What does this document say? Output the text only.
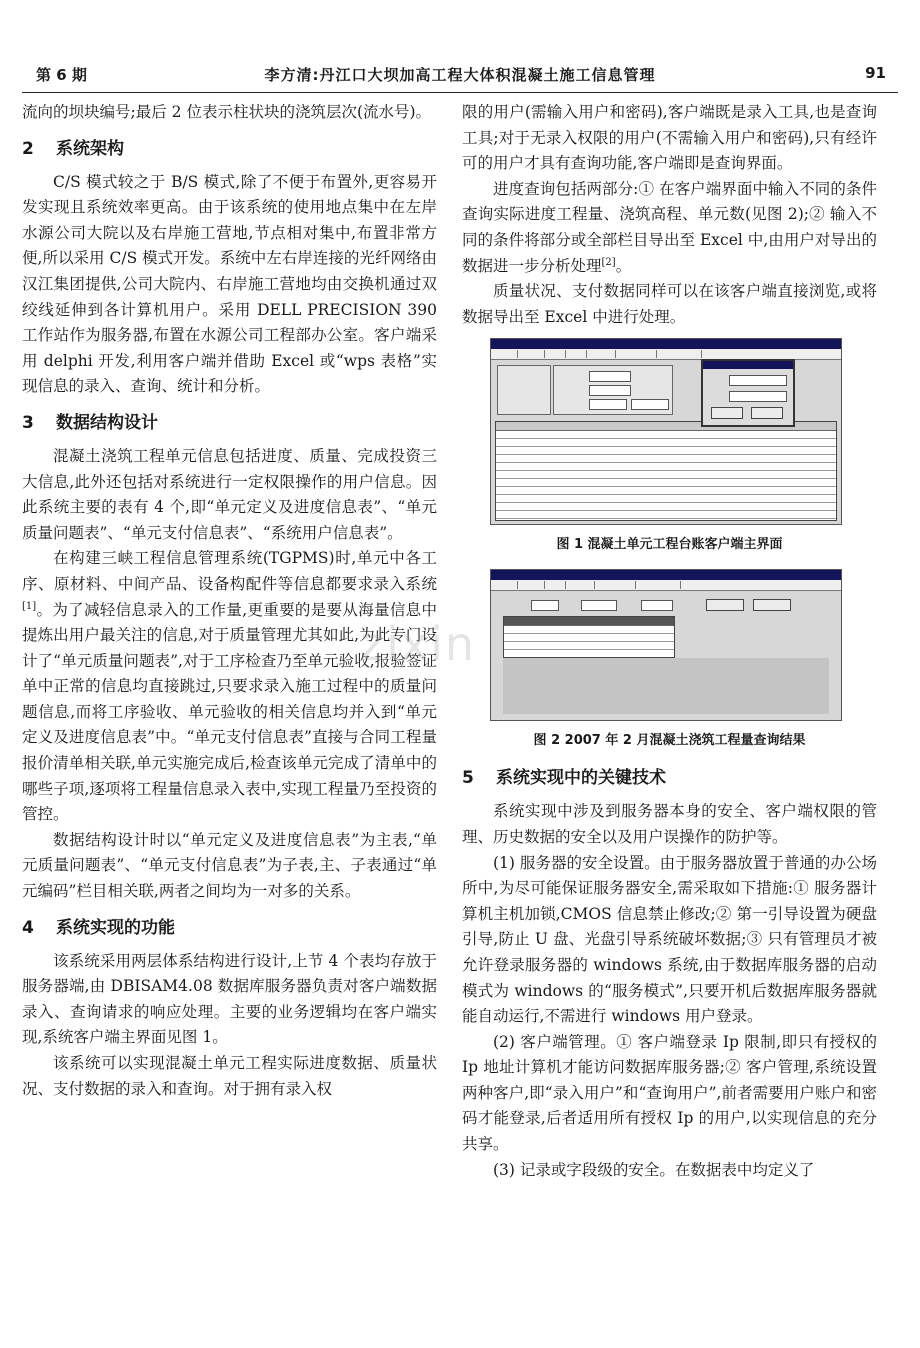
第 6 期	李方清:丹江口大坝加高工程大体积混凝土施工信息管理	91

流向的坝块编号;最后 2 位表示柱状块的浇筑层次(流水号)。

2 系统架构

C/S 模式较之于 B/S 模式,除了不便于布置外,更容易开发实现且系统效率更高。由于该系统的使用地点集中在左岸水源公司大院以及右岸施工营地,节点相对集中,布置非常方便,所以采用 C/S 模式开发。系统中左右岸连接的光纤网络由汉江集团提供,公司大院内、右岸施工营地均由交换机通过双绞线延伸到各计算机用户。采用 DELL PRECISION 390 工作站作为服务器,布置在水源公司工程部办公室。客户端采用 delphi 开发,利用客户端并借助 Excel 或“wps 表格”实现信息的录入、查询、统计和分析。

3 数据结构设计

混凝土浇筑工程单元信息包括进度、质量、完成投资三大信息,此外还包括对系统进行一定权限操作的用户信息。因此系统主要的表有 4 个,即“单元定义及进度信息表”、“单元质量问题表”、“单元支付信息表”、“系统用户信息表”。

在构建三峡工程信息管理系统(TGPMS)时,单元中各工序、原材料、中间产品、设备构配件等信息都要求录入系统[1]。为了减轻信息录入的工作量,更重要的是要从海量信息中提炼出用户最关注的信息,对于质量管理尤其如此,为此专门设计了“单元质量问题表”,对于工序检查乃至单元验收,报验签证单中正常的信息均直接跳过,只要求录入施工过程中的质量问题信息,而将工序验收、单元验收的相关信息均并入到“单元定义及进度信息表”中。“单元支付信息表”直接与合同工程量报价清单相关联,单元实施完成后,检查该单元完成了清单中的哪些子项,逐项将工程量信息录入表中,实现工程量乃至投资的管控。

数据结构设计时以“单元定义及进度信息表”为主表,“单元质量问题表”、“单元支付信息表”为子表,主、子表通过“单元编码”栏目相关联,两者之间均为一对多的关系。

4 系统实现的功能

该系统采用两层体系结构进行设计,上节 4 个表均存放于服务器端,由 DBISAM4.08 数据库服务器负责对客户端数据录入、查询请求的响应处理。主要的业务逻辑均在客户端实现,系统客户端主界面见图 1。

该系统可以实现混凝土单元工程实际进度数据、质量状况、支付数据的录入和查询。对于拥有录入权

限的用户(需输入用户和密码),客户端既是录入工具,也是查询工具;对于无录入权限的用户(不需输入用户和密码),只有经许可的用户才具有查询功能,客户端即是查询界面。

进度查询包括两部分:① 在客户端界面中输入不同的条件查询实际进度工程量、浇筑高程、单元数(见图 2);② 输入不同的条件将部分或全部栏目导出至 Excel 中,由用户对导出的数据进一步分析处理[2]。

质量状况、支付数据同样可以在该客户端直接浏览,或将数据导出至 Excel 中进行处理。

图 1 混凝土单元工程台账客户端主界面
图 2 2007 年 2 月混凝土浇筑工程量查询结果
5 系统实现中的关键技术

系统实现中涉及到服务器本身的安全、客户端权限的管理、历史数据的安全以及用户误操作的防护等。

(1) 服务器的安全设置。由于服务器放置于普通的办公场所中,为尽可能保证服务器安全,需采取如下措施:① 服务器计算机主机加锁,CMOS 信息禁止修改;② 第一引导设置为硬盘引导,防止 U 盘、光盘引导系统破坏数据;③ 只有管理员才被允许登录服务器的 windows 系统,由于数据库服务器的启动模式为 windows 的“服务模式”,只要开机后数据库服务器就能自动运行,不需进行 windows 用户登录。

(2) 客户端管理。① 客户端登录 Ip 限制,即只有授权的 Ip 地址计算机才能访问数据库服务器;② 客户管理,系统设置两种客户,即“录入用户”和“查询用户”,前者需要用户账户和密码才能登录,后者适用所有授权 Ip 的用户,以实现信息的充分共享。

(3) 记录或字段级的安全。在数据表中均定义了

zixin
